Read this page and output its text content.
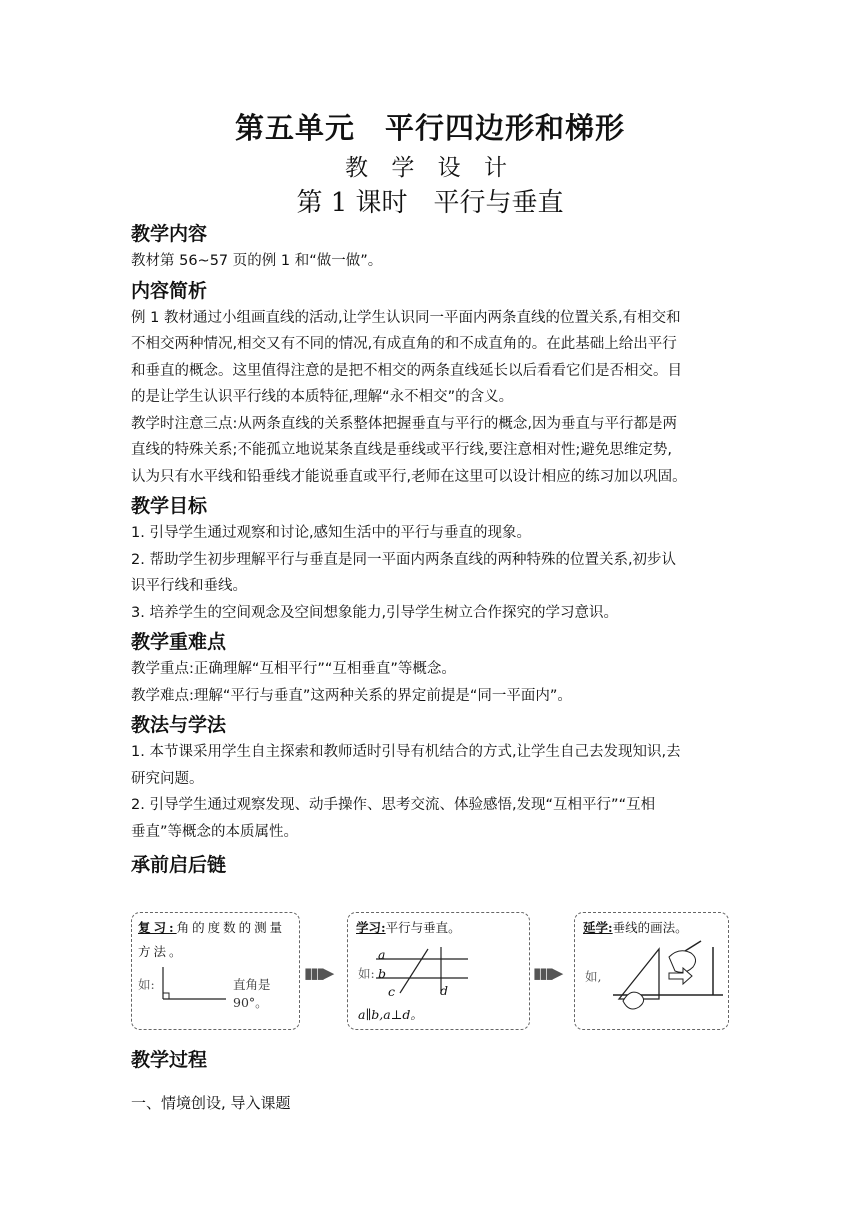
第五单元　平行四边形和梯形
教 学 设 计
第 1 课时　平行与垂直

教学内容

教材第 56~57 页的例 1 和“做一做”。

内容简析

例 1 教材通过小组画直线的活动,让学生认识同一平面内两条直线的位置关系,有相交和

不相交两种情况,相交又有不同的情况,有成直角的和不成直角的。在此基础上给出平行

和垂直的概念。这里值得注意的是把不相交的两条直线延长以后看看它们是否相交。目

的是让学生认识平行线的本质特征,理解“永不相交”的含义。

教学时注意三点:从两条直线的关系整体把握垂直与平行的概念,因为垂直与平行都是两

直线的特殊关系;不能孤立地说某条直线是垂线或平行线,要注意相对性;避免思维定势,

认为只有水平线和铅垂线才能说垂直或平行,老师在这里可以设计相应的练习加以巩固。

教学目标

1. 引导学生通过观察和讨论,感知生活中的平行与垂直的现象。

2. 帮助学生初步理解平行与垂直是同一平面内两条直线的两种特殊的位置关系,初步认

识平行线和垂线。

3. 培养学生的空间观念及空间想象能力,引导学生树立合作探究的学习意识。

教学重难点

教学重点:正确理解“互相平行”“互相垂直”等概念。

教学难点:理解“平行与垂直”这两种关系的界定前提是“同一平面内”。

教法与学法

1. 本节课采用学生自主探索和教师适时引导有机结合的方式,让学生自己去发现知识,去

研究问题。

2. 引导学生通过观察发现、动手操作、思考交流、体验感悟,发现“互相平行”“互相

垂直”等概念的本质属性。

承前启后链

复习:角的度数的测量
方法。
如:	直角是 90°。
▮▮▮▶
学习:平行与垂直。
如:
a
b
c	d
a∥b,a⊥d。
▮▮▮▶
延学:垂线的画法。
如,

教学过程

一、情境创设, 导入课题
